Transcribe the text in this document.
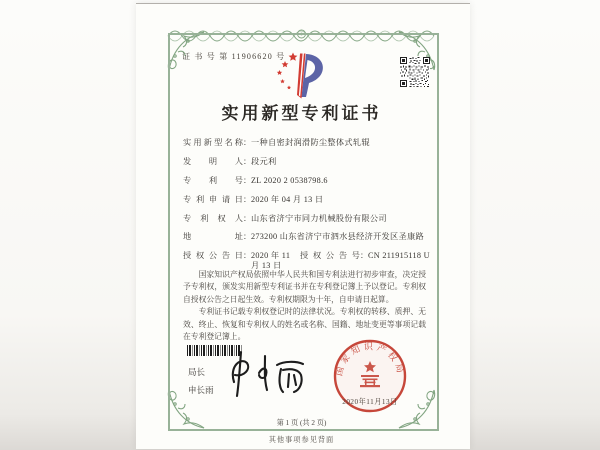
证 书 号 第 11906620 号
实用新型专利证书
实用新型名称 ： 一种自密封润滑防尘整体式轧辊
发明人 ： 段元利
专利号 ： ZL 2020 2 0538798.6
专利申请日 ： 2020 年 04 月 13 日
专利权人 ： 山东省济宁市同力机械股份有限公司
地址 ： 273200 山东省济宁市泗水县经济开发区圣康路
授权公告日 ： 2020 年 11 月 13 日
授权公告号 ： CN 211915118 U

国家知识产权局依照中华人民共和国专利法进行初步审查，决定授予专利权，颁发实用新型专利证书并在专利登记簿上予以登记。专利权自授权公告之日起生效。专利权期限为十年，自申请日起算。

专利证书记载专利权登记时的法律状况。专利权的转移、质押、无效、终止、恢复和专利权人的姓名或名称、国籍、地址变更等事项记载在专利登记簿上。

局长
申长雨
国家知识产权局
2020年11月13日
第 1 页 (共 2 页)
其他事项参见背面
